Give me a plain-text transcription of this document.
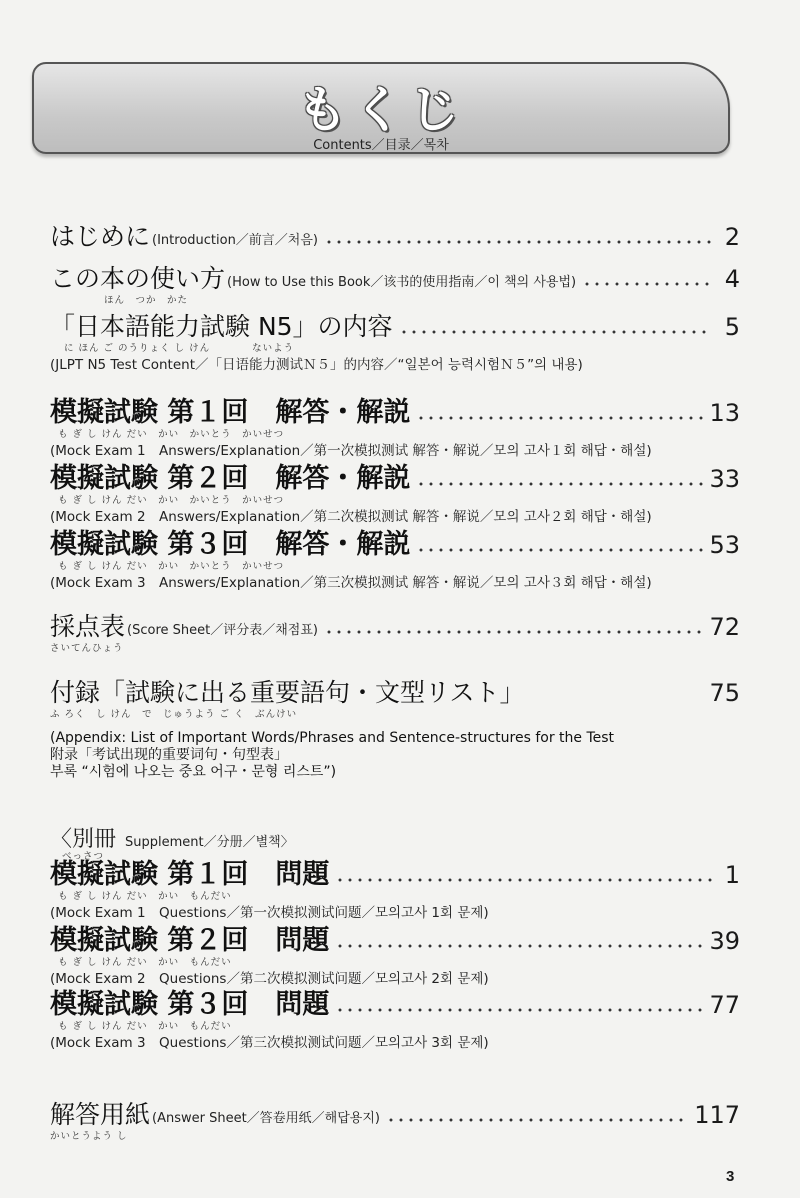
もくじ
Contents／目录／목차
はじめに (Introduction／前言／처음)	2
この本の使い方 (How to Use this Book／该书的使用指南／이 책의 사용법)	4
ほん　つか　かた
「日本語能力試験 N5」の内容	5
に ほん ご のうりょく し けん　　　　ないよう
(JLPT N5 Test Content／「日语能力测试Ｎ５」的内容／“일본어 능력시험Ｎ５”의 내용)
模擬試験 第１回　解答・解説	13
も ぎ し けん だい　かい　かいとう　かいせつ
(Mock Exam 1　Answers/Explanation／第一次模拟测试 解答・解说／모의 고사１회 해답・해설)
模擬試験 第２回　解答・解説	33
も ぎ し けん だい　かい　かいとう　かいせつ
(Mock Exam 2　Answers/Explanation／第二次模拟测试 解答・解说／모의 고사２회 해답・해설)
模擬試験 第３回　解答・解説	53
も ぎ し けん だい　かい　かいとう　かいせつ
(Mock Exam 3　Answers/Explanation／第三次模拟测试 解答・解说／모의 고사３회 해답・해설)
採点表 (Score Sheet／评分表／채점표)	72
さいてんひょう
付録「試験に出る重要語句・文型リスト」	75
ふ ろく　し けん　で　じゅうよう ご く　ぶんけい
(Appendix: List of Important Words/Phrases and Sentence-structures for the Test
附录「考试出现的重要词句・句型表」
부록 “시험에 나오는 중요 어구・문형 리스트”)
〈別冊 Supplement／分册／별책〉
べっさつ
模擬試験 第１回　問題	1
も ぎ し けん だい　かい　もんだい
(Mock Exam 1　Questions／第一次模拟测试问题／모의고사 1회 문제)
模擬試験 第２回　問題	39
も ぎ し けん だい　かい　もんだい
(Mock Exam 2　Questions／第二次模拟测试问题／모의고사 2회 문제)
模擬試験 第３回　問題	77
も ぎ し けん だい　かい　もんだい
(Mock Exam 3　Questions／第三次模拟测试问题／모의고사 3회 문제)
解答用紙 (Answer Sheet／答卷用纸／해답용지)	117
かいとうよう し
3
